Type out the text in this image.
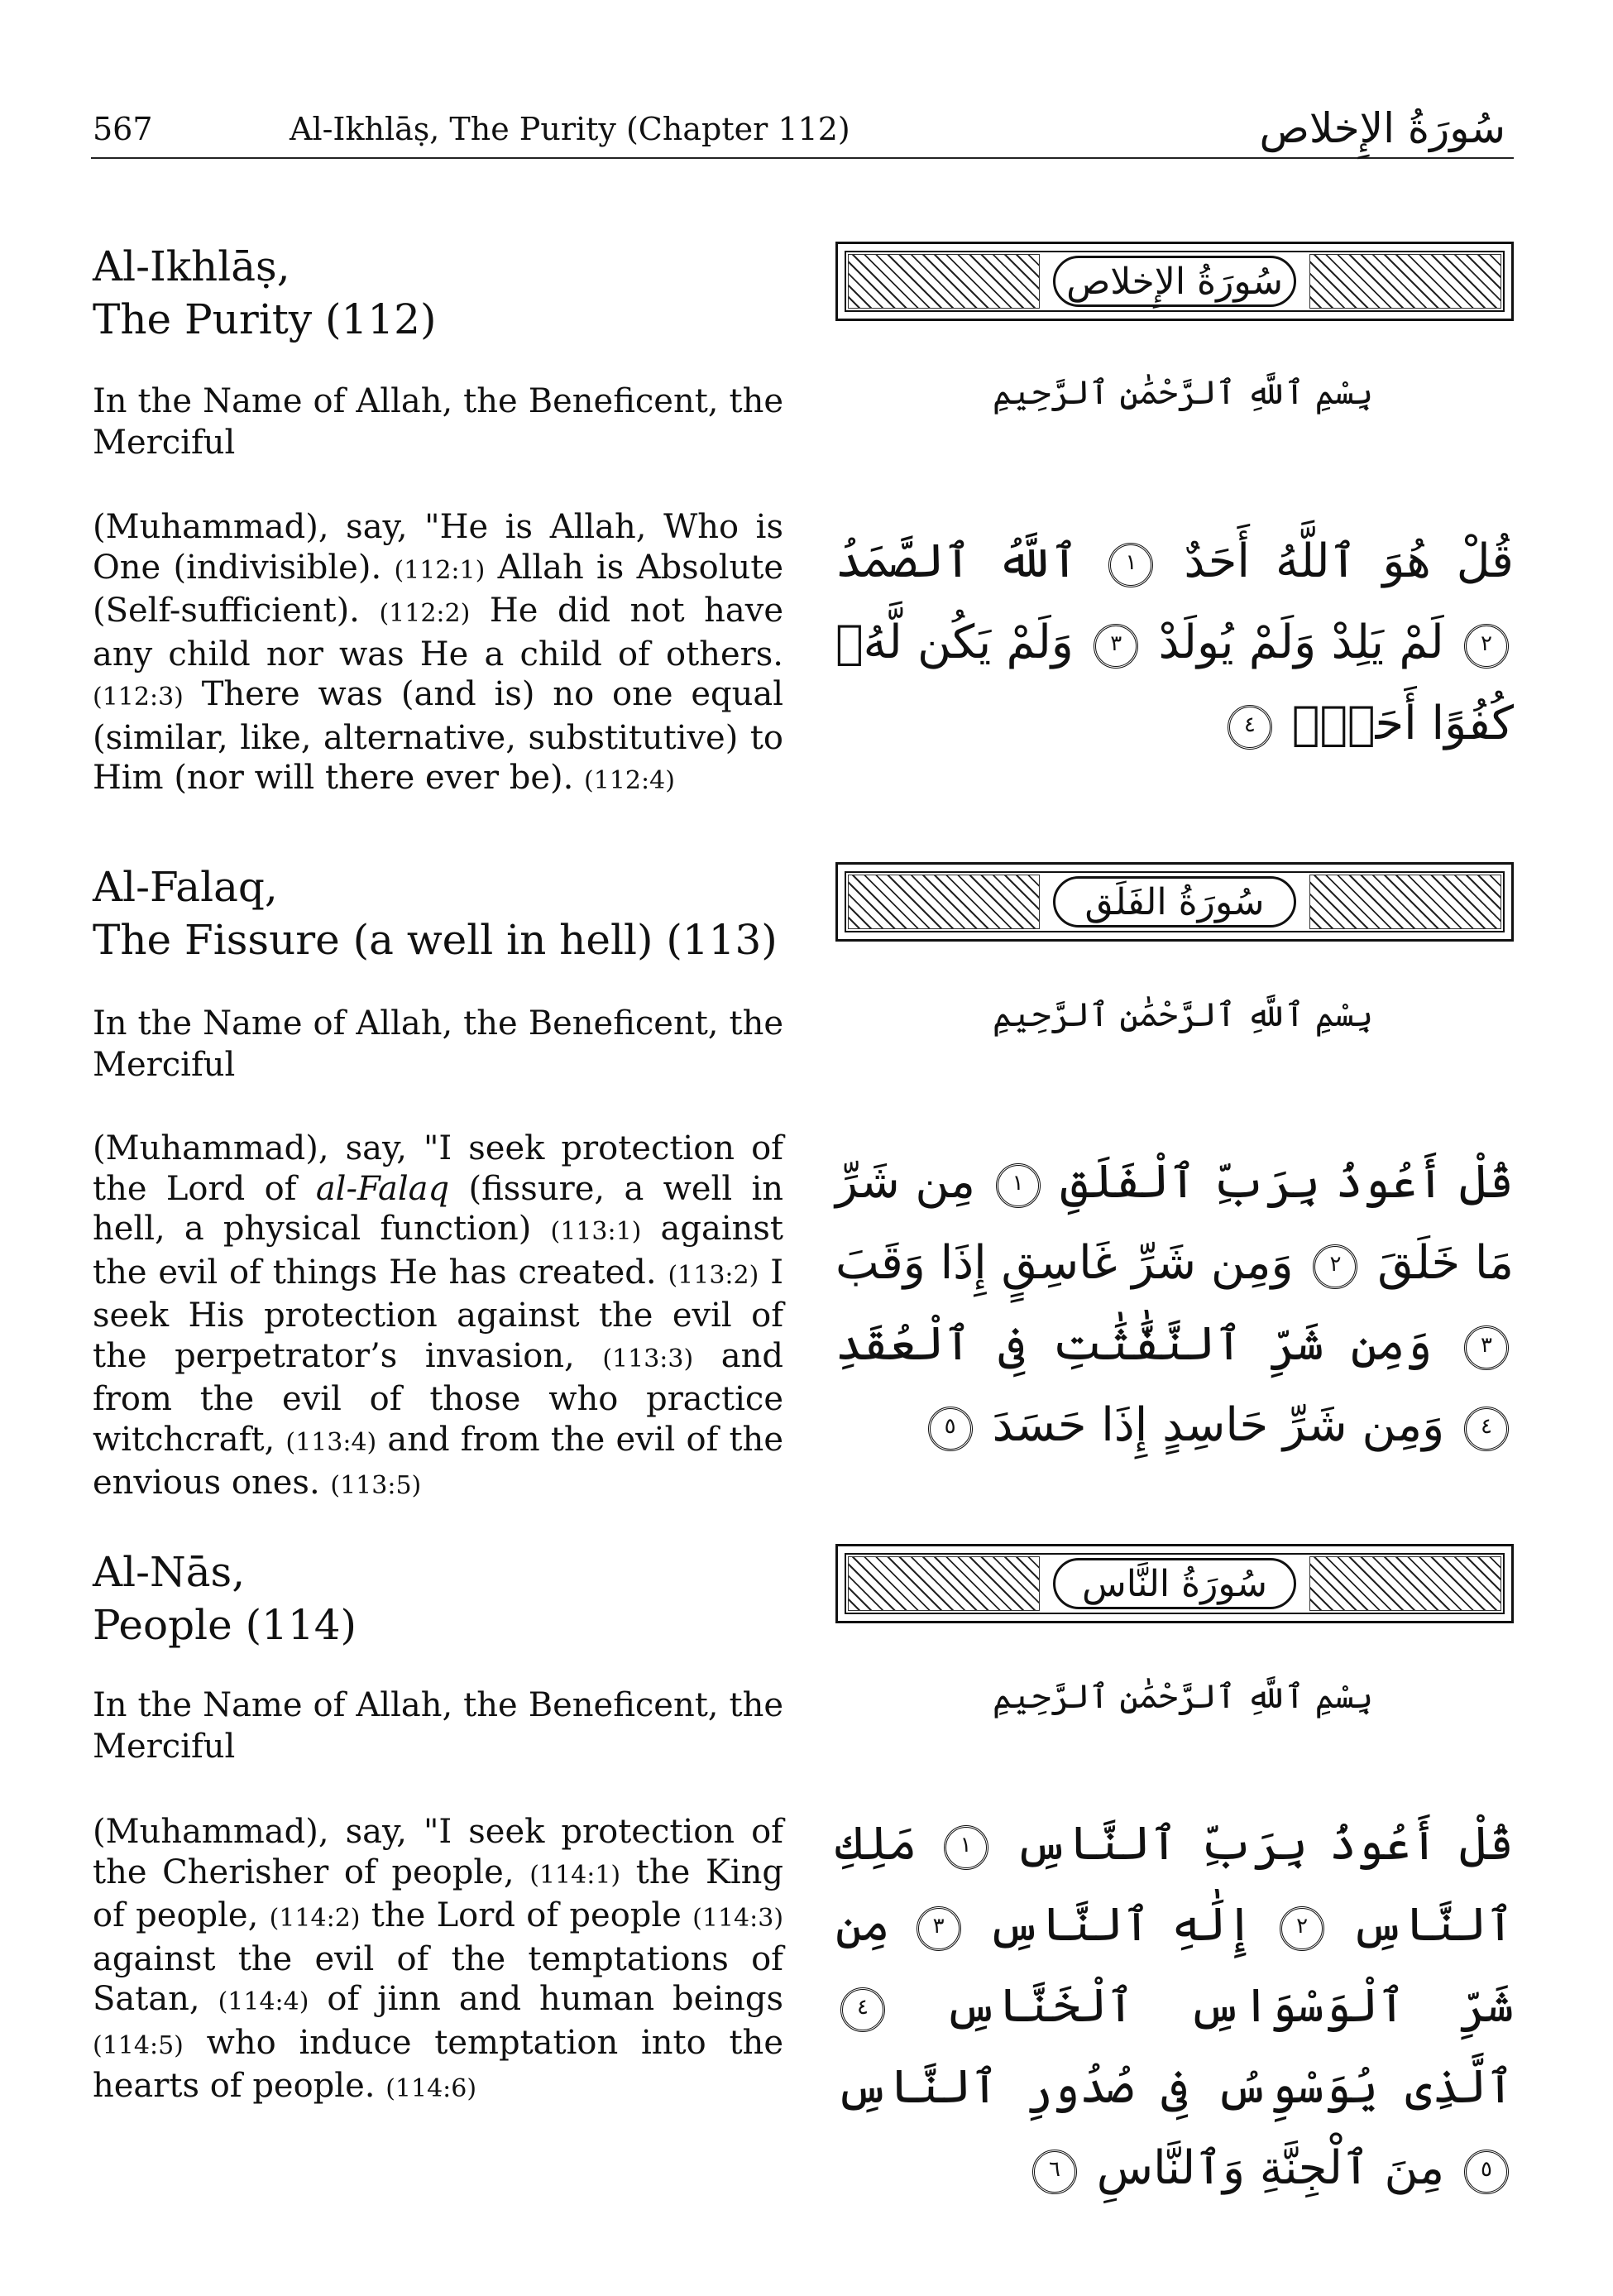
567	Al-Ikhlāṣ, The Purity (Chapter 112)	سُورَةُ الإِخلاص
Al-Ikhlāṣ,
The Purity (112)
سُورَةُ الإِخلاص
In the Name of Allah, the Beneficent, the Merciful
بِسْمِ ٱللَّهِ ٱلرَّحْمَٰنِ ٱلرَّحِيمِ
(Muhammad), say, "He is Allah, Who is One (indivisible). (112:1) Allah is Absolute (Self-sufficient). (112:2) He did not have any child nor was He a child of others. (112:3) There was (and is) no one equal (similar, like, alternative, substitutive) to Him (nor will there ever be). (112:4)
قُلْ هُوَ ٱللَّهُ أَحَدٌ ١ ٱللَّهُ ٱلصَّمَدُ ٢ لَمْ يَلِدْ وَلَمْ يُولَدْ ٣ وَلَمْ يَكُن لَّهُۥ كُفُوًا أَحَدٌۢ ٤
Al-Falaq,
The Fissure (a well in hell) (113)
سُورَةُ الفَلَق
In the Name of Allah, the Beneficent, the Merciful
بِسْمِ ٱللَّهِ ٱلرَّحْمَٰنِ ٱلرَّحِيمِ
(Muhammad), say, "I seek protection of the Lord of al-Falaq (fissure, a well in hell, a physical function) (113:1) against the evil of things He has created. (113:2) I seek His protection against the evil of the perpetrator’s invasion, (113:3) and from the evil of those who practice witchcraft, (113:4) and from the evil of the envious ones. (113:5)
قُلْ أَعُوذُ بِرَبِّ ٱلْفَلَقِ ١ مِن شَرِّ مَا خَلَقَ ٢ وَمِن شَرِّ غَاسِقٍ إِذَا وَقَبَ ٣ وَمِن شَرِّ ٱلنَّفَّٰثَٰتِ فِى ٱلْعُقَدِ ٤ وَمِن شَرِّ حَاسِدٍ إِذَا حَسَدَ ٥
Al-Nās,
People (114)
سُورَةُ النَّاس
In the Name of Allah, the Beneficent, the Merciful
بِسْمِ ٱللَّهِ ٱلرَّحْمَٰنِ ٱلرَّحِيمِ
(Muhammad), say, "I seek protection of the Cherisher of people, (114:1) the King of people, (114:2) the Lord of people (114:3) against the evil of the temptations of Satan, (114:4) of jinn and human beings (114:5) who induce temptation into the hearts of people. (114:6)
قُلْ أَعُوذُ بِرَبِّ ٱلنَّاسِ ١ مَلِكِ ٱلنَّاسِ ٢ إِلَٰهِ ٱلنَّاسِ ٣ مِن شَرِّ ٱلْوَسْوَاسِ ٱلْخَنَّاسِ ٤ ٱلَّذِى يُوَسْوِسُ فِى صُدُورِ ٱلنَّاسِ ٥ مِنَ ٱلْجِنَّةِ وَٱلنَّاسِ ٦
